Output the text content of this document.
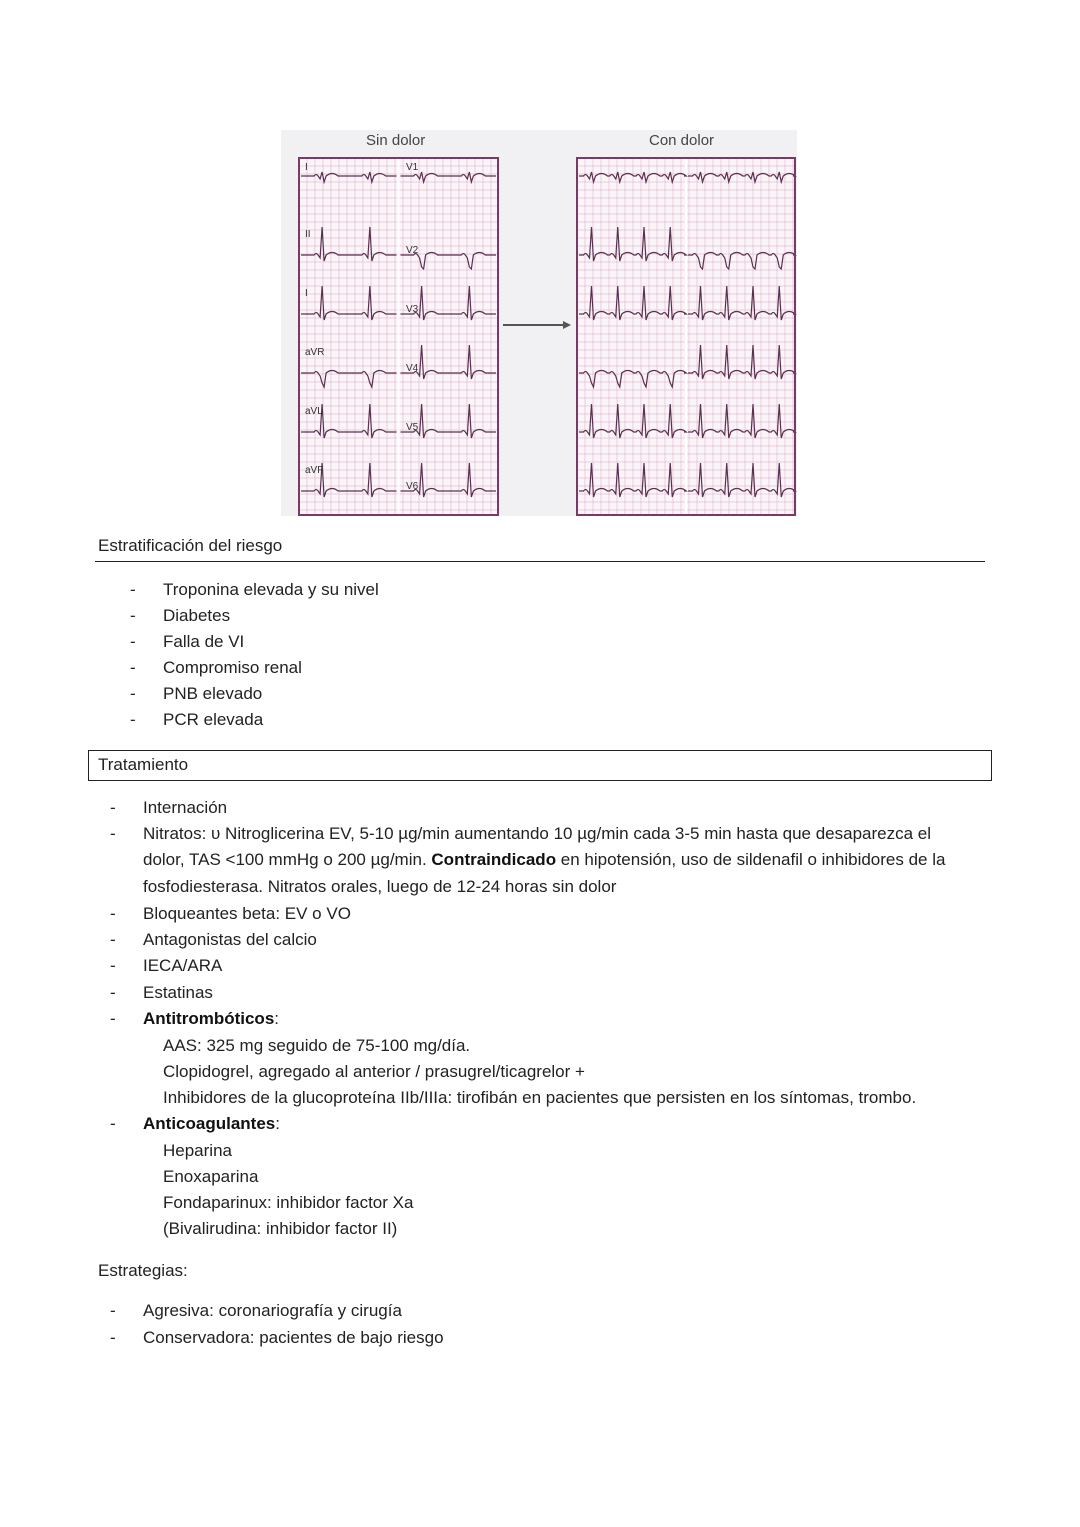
Sin dolor	Con dolor
I
II
I
aVR
aVL
aVF
V1
V2
V3
V4
V5
V6
Estratificación del riesgo
- Troponina elevada y su nivel
- Diabetes
- Falla de VI
- Compromiso renal
- PNB elevado
- PCR elevada
Tratamiento
Internación
Nitratos: υ Nitroglicerina EV, 5-10 µg/min aumentando 10 µg/min cada 3-5 min hasta que desaparezca el
dolor, TAS <100 mmHg o 200 µg/min. Contraindicado en hipotensión, uso de sildenafil o inhibidores de la
fosfodiesterasa. Nitratos orales, luego de 12-24 horas sin dolor
Bloqueantes beta: EV o VO
Antagonistas del calcio
IECA/ARA
Estatinas
Antitrombóticos:
AAS: 325 mg seguido de 75-100 mg/día.
Clopidogrel, agregado al anterior / prasugrel/ticagrelor +
Inhibidores de la glucoproteína IIb/IIIa: tirofibán en pacientes que persisten en los síntomas, trombo.
Anticoagulantes:
Heparina
Enoxaparina
Fondaparinux: inhibidor factor Xa
(Bivalirudina: inhibidor factor II)
-
-
-
-
-
-
-
-
Estrategias:
Agresiva: coronariografía y cirugía
Conservadora: pacientes de bajo riesgo
-
-
